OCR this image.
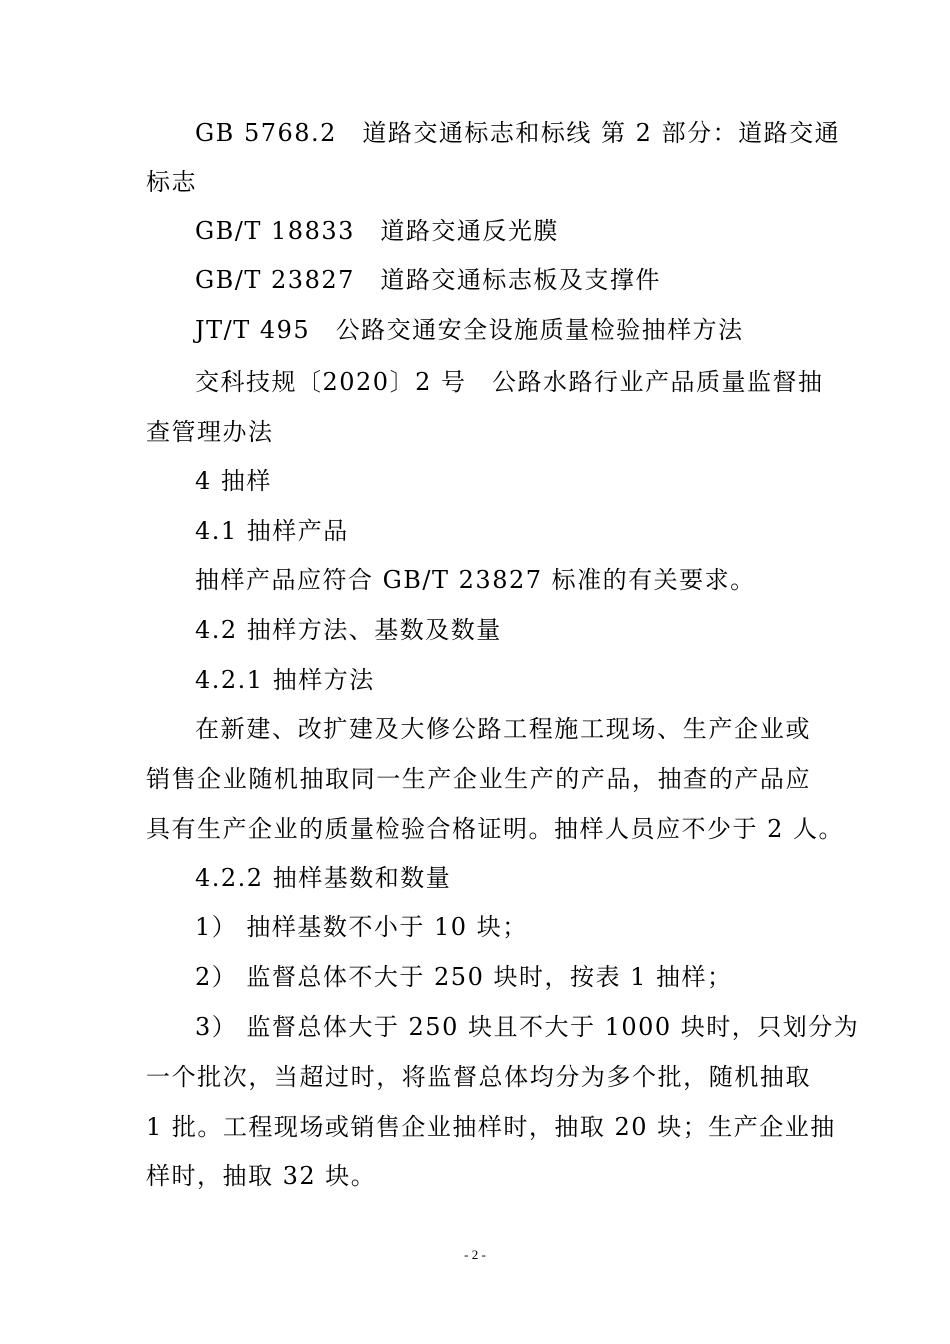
GB 5768.2　道路交通标志和标线 第 2 部分：道路交通
标志
GB/T 18833　道路交通反光膜
GB/T 23827　道路交通标志板及支撑件
JT/T 495　公路交通安全设施质量检验抽样方法
交科技规〔2020〕2 号　公路水路行业产品质量监督抽
查管理办法
4 抽样
4.1 抽样产品
抽样产品应符合 GB/T 23827 标准的有关要求。
4.2 抽样方法、基数及数量
4.2.1 抽样方法
在新建、改扩建及大修公路工程施工现场、生产企业或
销售企业随机抽取同一生产企业生产的产品，抽查的产品应
具有生产企业的质量检验合格证明。抽样人员应不少于 2 人。
4.2.2 抽样基数和数量
1） 抽样基数不小于 10 块；
2） 监督总体不大于 250 块时，按表 1 抽样；
3） 监督总体大于 250 块且不大于 1000 块时，只划分为
一个批次，当超过时，将监督总体均分为多个批，随机抽取
1 批。工程现场或销售企业抽样时，抽取 20 块；生产企业抽
样时，抽取 32 块。
- 2 -
